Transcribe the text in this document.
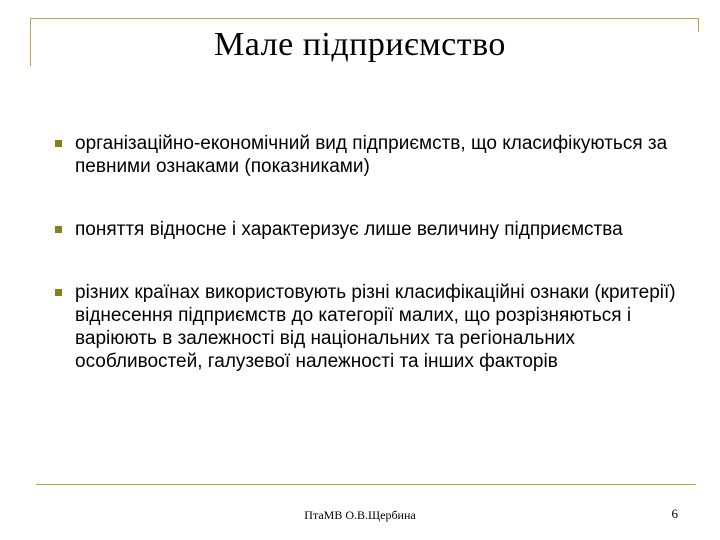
Мале підприємство
організаційно-економічний вид підприємств, що класифікуються за певними ознаками (показниками)
поняття відносне і характеризує лише величину підприємства
різних країнах використовують різні класифікаційні ознаки (критерії) віднесення підприємств до категорії малих, що розрізняються і варіюють в залежності від національних та регіональних особливостей, галузевої належності та інших факторів
ПтаМВ О.В.Щербина	6
